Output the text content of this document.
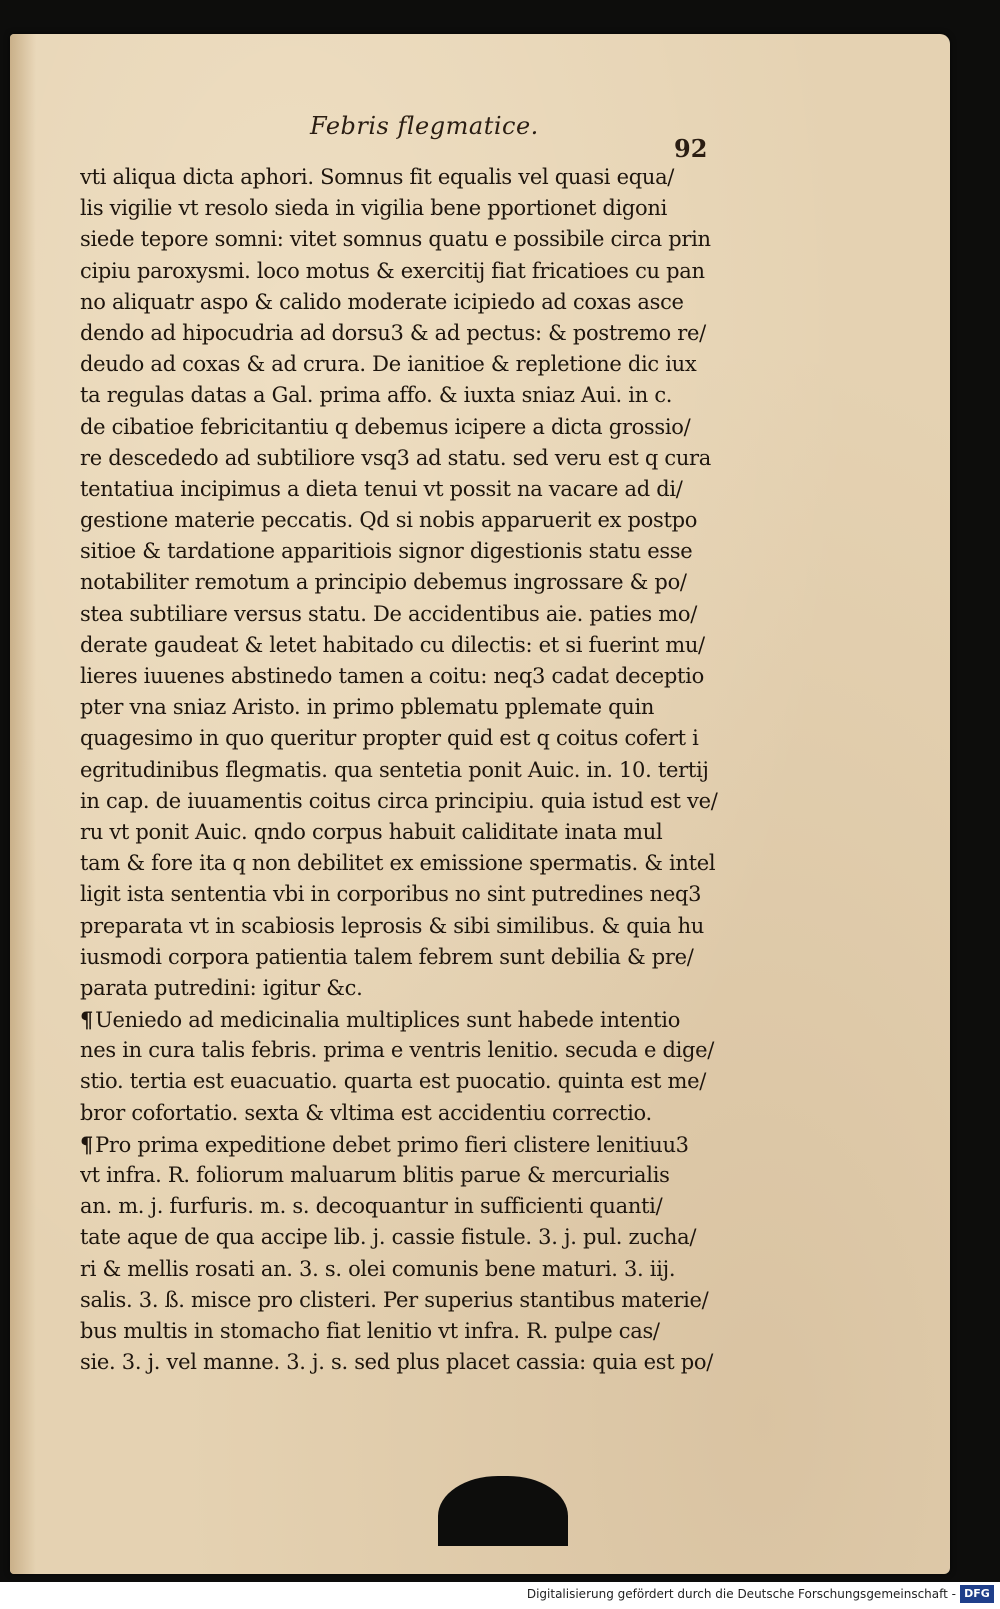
Febris flegmatice.
92
vti aliqua dicta aphori. Somnus fit equalis vel quasi equa/
lis vigilie vt resolo sieda in vigilia bene pportionet digoni
siede tepore somni: vitet somnus quatu e possibile circa prin
cipiu paroxysmi. loco motus & exercitij fiat fricatioes cu pan
no aliquatr aspo & calido moderate icipiedo ad coxas asce
dendo ad hipocudria ad dorsu3 & ad pectus: & postremo re/
deudo ad coxas & ad crura. De ianitioe & repletione dic iux
ta regulas datas a Gal. prima affo. & iuxta sniaz Aui. in c.
de cibatioe febricitantiu q debemus icipere a dicta grossio/
re descededo ad subtiliore vsq3 ad statu. sed veru est q cura
tentatiua incipimus a dieta tenui vt possit na vacare ad di/
gestione materie peccatis. Qd si nobis apparuerit ex postpo
sitioe & tardatione apparitiois signor digestionis statu esse
notabiliter remotum a principio debemus ingrossare & po/
stea subtiliare versus statu. De accidentibus aie. paties mo/
derate gaudeat & letet habitado cu dilectis: et si fuerint mu/
lieres iuuenes abstinedo tamen a coitu: neq3 cadat deceptio
pter vna sniaz Aristo. in primo pblematu pplemate quin
quagesimo in quo queritur propter quid est q coitus cofert i
egritudinibus flegmatis. qua sentetia ponit Auic. in. 10. tertij
in cap. de iuuamentis coitus circa principiu. quia istud est ve/
ru vt ponit Auic. qndo corpus habuit caliditate inata mul
tam & fore ita q non debilitet ex emissione spermatis. & intel
ligit ista sententia vbi in corporibus no sint putredines neq3
preparata vt in scabiosis leprosis & sibi similibus. & quia hu
iusmodi corpora patientia talem febrem sunt debilia & pre/
parata putredini: igitur &c.
¶Ueniedo ad medicinalia multiplices sunt habede intentio
nes in cura talis febris. prima e ventris lenitio. secuda e dige/
stio. tertia est euacuatio. quarta est puocatio. quinta est me/
bror cofortatio. sexta & vltima est accidentiu correctio.
¶Pro prima expeditione debet primo fieri clistere lenitiuu3
vt infra. R. foliorum maluarum blitis parue & mercurialis
an. m. j. furfuris. m. s. decoquantur in sufficienti quanti/
tate aque de qua accipe lib. j. cassie fistule. 3. j. pul. zucha/
ri & mellis rosati an. 3. s. olei comunis bene maturi. 3. iij.
salis. 3. ß. misce pro clisteri. Per superius stantibus materie/
bus multis in stomacho fiat lenitio vt infra. R. pulpe cas/
sie. 3. j. vel manne. 3. j. s. sed plus placet cassia: quia est po/
Digitalisierung gefördert durch die Deutsche Forschungsgemeinschaft - DFG
